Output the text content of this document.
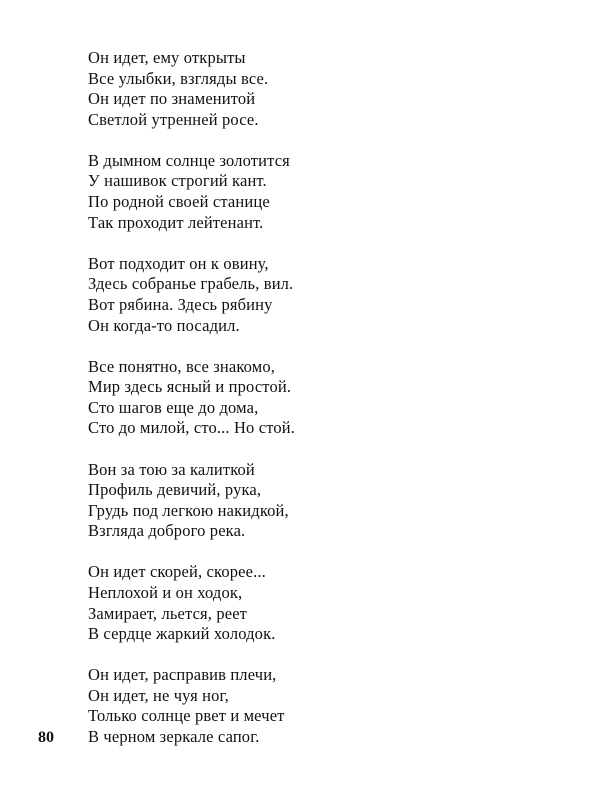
Он идет, ему открыты
Все улыбки, взгляды все.
Он идет по знаменитой
Светлой утренней росе.
В дымном солнце золотится
У нашивок строгий кант.
По родной своей станице
Так проходит лейтенант.
Вот подходит он к овину,
Здесь собранье грабель, вил.
Вот рябина. Здесь рябину
Он когда-то посадил.
Все понятно, все знакомо,
Мир здесь ясный и простой.
Сто шагов еще до дома,
Сто до милой, сто... Но стой.
Вон за тою за калиткой
Профиль девичий, рука,
Грудь под легкою накидкой,
Взгляда доброго река.
Он идет скорей, скорее...
Неплохой и он ходок,
Замирает, льется, реет
В сердце жаркий холодок.
Он идет, расправив плечи,
Он идет, не чуя ног,
Только солнце рвет и мечет
В черном зеркале сапог.
80
